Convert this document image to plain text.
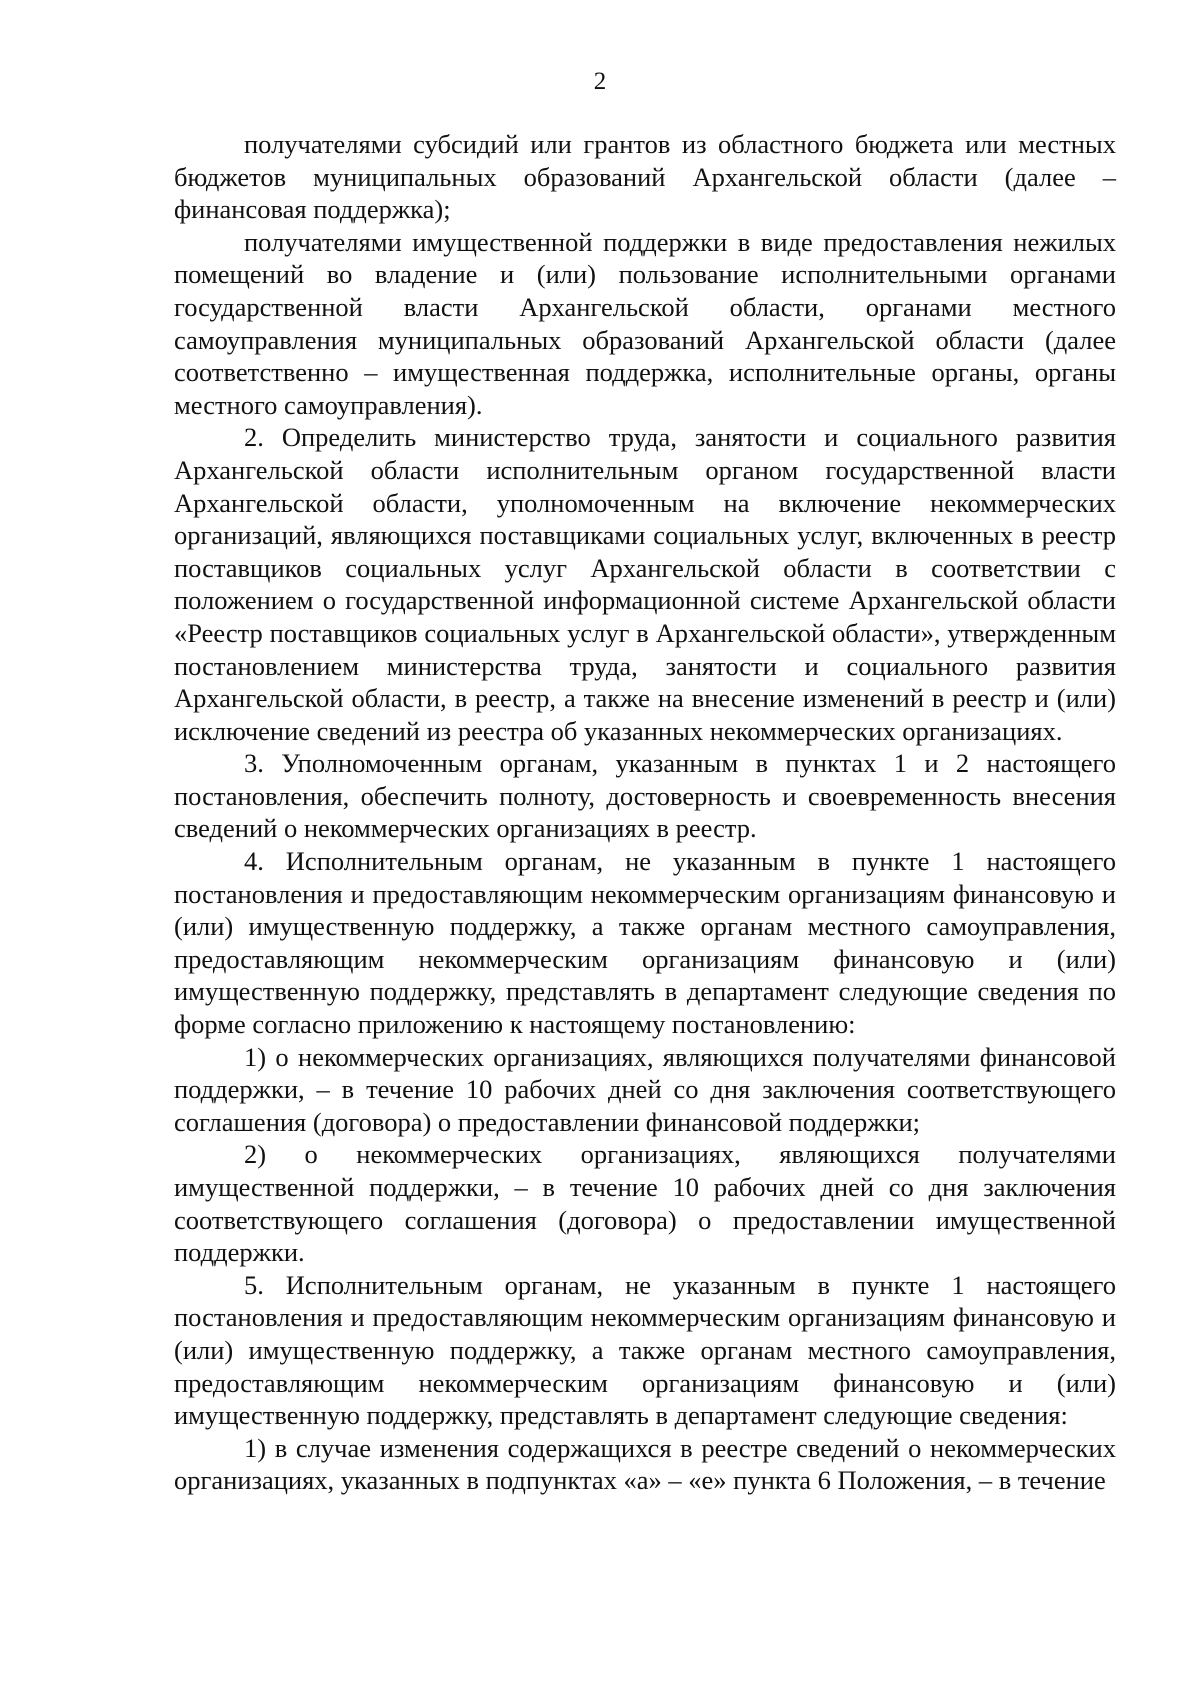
2

получателями субсидий или грантов из областного бюджета или местных бюджетов муниципальных образований Архангельской области (далее – финансовая поддержка);

получателями имущественной поддержки в виде предоставления нежилых помещений во владение и (или) пользование исполнительными органами государственной власти Архангельской области, органами местного самоуправления муниципальных образований Архангельской области (далее соответственно – имущественная поддержка, исполнительные органы, органы местного самоуправления).

2. Определить министерство труда, занятости и социального развития Архангельской области исполнительным органом государственной власти Архангельской области, уполномоченным на включение некоммерческих организаций, являющихся поставщиками социальных услуг, включенных в реестр поставщиков социальных услуг Архангельской области в соответствии с положением о государственной информационной системе Архангельской области «Реестр поставщиков социальных услуг в Архангельской области», утвержденным постановлением министерства труда, занятости и социального развития Архангельской области, в реестр, а также на внесение изменений в реестр и (или) исключение сведений из реестра об указанных некоммерческих организациях.

3. Уполномоченным органам, указанным в пунктах 1 и 2 настоящего постановления, обеспечить полноту, достоверность и своевременность внесения сведений о некоммерческих организациях в реестр.

4. Исполнительным органам, не указанным в пункте 1 настоящего постановления и предоставляющим некоммерческим организациям финансовую и (или) имущественную поддержку, а также органам местного самоуправления, предоставляющим некоммерческим организациям финансовую и (или) имущественную поддержку, представлять в департамент следующие сведения по форме согласно приложению к настоящему постановлению:

1) о некоммерческих организациях, являющихся получателями финансовой поддержки, – в течение 10 рабочих дней со дня заключения соответствующего соглашения (договора) о предоставлении финансовой поддержки;

2) о некоммерческих организациях, являющихся получателями имущественной поддержки, – в течение 10 рабочих дней со дня заключения соответствующего соглашения (договора) о предоставлении имущественной поддержки.

5. Исполнительным органам, не указанным в пункте 1 настоящего постановления и предоставляющим некоммерческим организациям финансовую и (или) имущественную поддержку, а также органам местного самоуправления, предоставляющим некоммерческим организациям финансовую и (или) имущественную поддержку, представлять в департамент следующие сведения:

1) в случае изменения содержащихся в реестре сведений о некоммерческих организациях, указанных в подпунктах «а» – «е» пункта 6 Положения, – в течение
